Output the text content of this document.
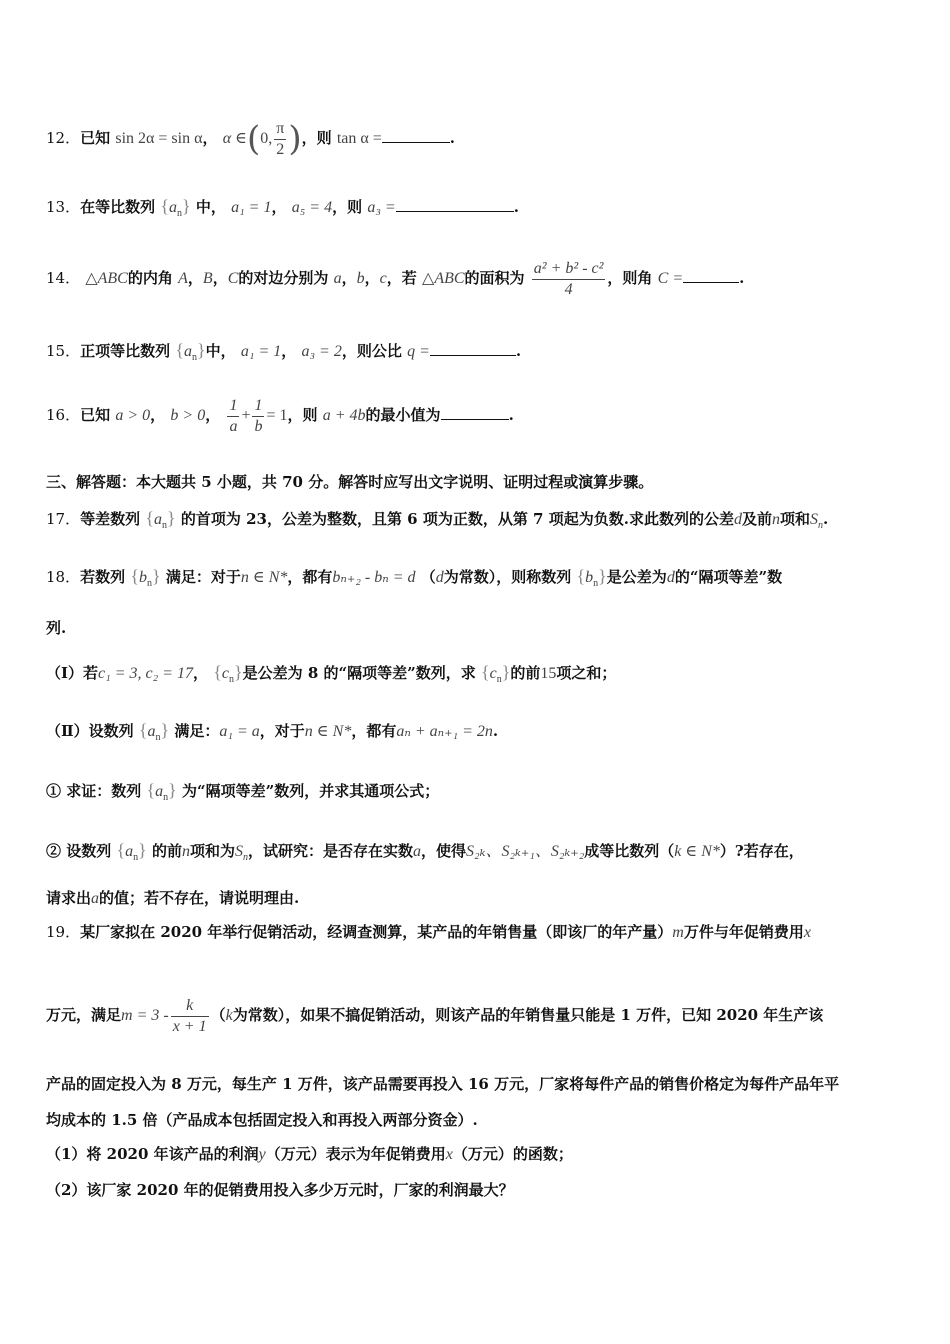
12．已知 sin 2α = sin α， α ∈(0, $\frac{\pi}{2}$ )，则 tan α =	.
13．在等比数列 $\{a_n\}$ 中， a₁ = 1， a₅ = 4，则 a₃ =	.
14． △ABC的内角 A，B，C的对边分别为 a，b，c，若 △ABC的面积为 $\frac{\text{a² + b² - c²}}{4}$ ，则角 C =	.
15．正项等比数列 $\{a_n\}$中， a₁ = 1， a₃ = 2，则公比 q =	.
16．已知 a > 0， b > 0， $\frac{1}{a} + \frac{1}{b} = 1$，则 a + 4b的最小值为	.
三、解答题：本大题共 5 小题，共 70 分。解答时应写出文字说明、证明过程或演算步骤。
17．等差数列 $\{a_n\}$ 的首项为 23，公差为整数，且第 6 项为正数，从第 7 项起为负数.求此数列的公差d及前n项和$S_n$.
18．若数列 $\{b_n\}$ 满足：对于n ∈ N*，都有bₙ₊₂ - bₙ = d （d为常数），则称数列 $\{b_n\}$是公差为d的“隔项等差”数
列.
（Ⅰ）若c₁ = 3, c₂ = 17， $\{c_n\}$是公差为 8 的“隔项等差”数列，求 $\{c_n\}$的前15项之和；
（Ⅱ）设数列 $\{a_n\}$ 满足：a₁ = a，对于n ∈ N*，都有aₙ + aₙ₊₁ = 2n.
① 求证：数列 $\{a_n\}$ 为“隔项等差”数列，并求其通项公式；
② 设数列 $\{a_n\}$ 的前n项和为$S_n$，试研究：是否存在实数a，使得S₂ₖ、S₂ₖ₊₁、S₂ₖ₊₂成等比数列（k ∈ N*）?若存在，
请求出a的值；若不存在，请说明理由.
19．某厂家拟在 2020 年举行促销活动，经调查测算，某产品的年销售量（即该厂的年产量）m万件与年促销费用x
万元，满足$m = 3 - \frac{k}{x + 1} (k$为常数），如果不搞促销活动，则该产品的年销售量只能是 1 万件，已知 2020 年生产该
产品的固定投入为 8 万元，每生产 1 万件，该产品需要再投入 16 万元，厂家将每件产品的销售价格定为每件产品年平
均成本的 1.5 倍（产品成本包括固定投入和再投入两部分资金）.
（1）将 2020 年该产品的利润y（万元）表示为年促销费用x（万元）的函数；
（2）该厂家 2020 年的促销费用投入多少万元时，厂家的利润最大？
